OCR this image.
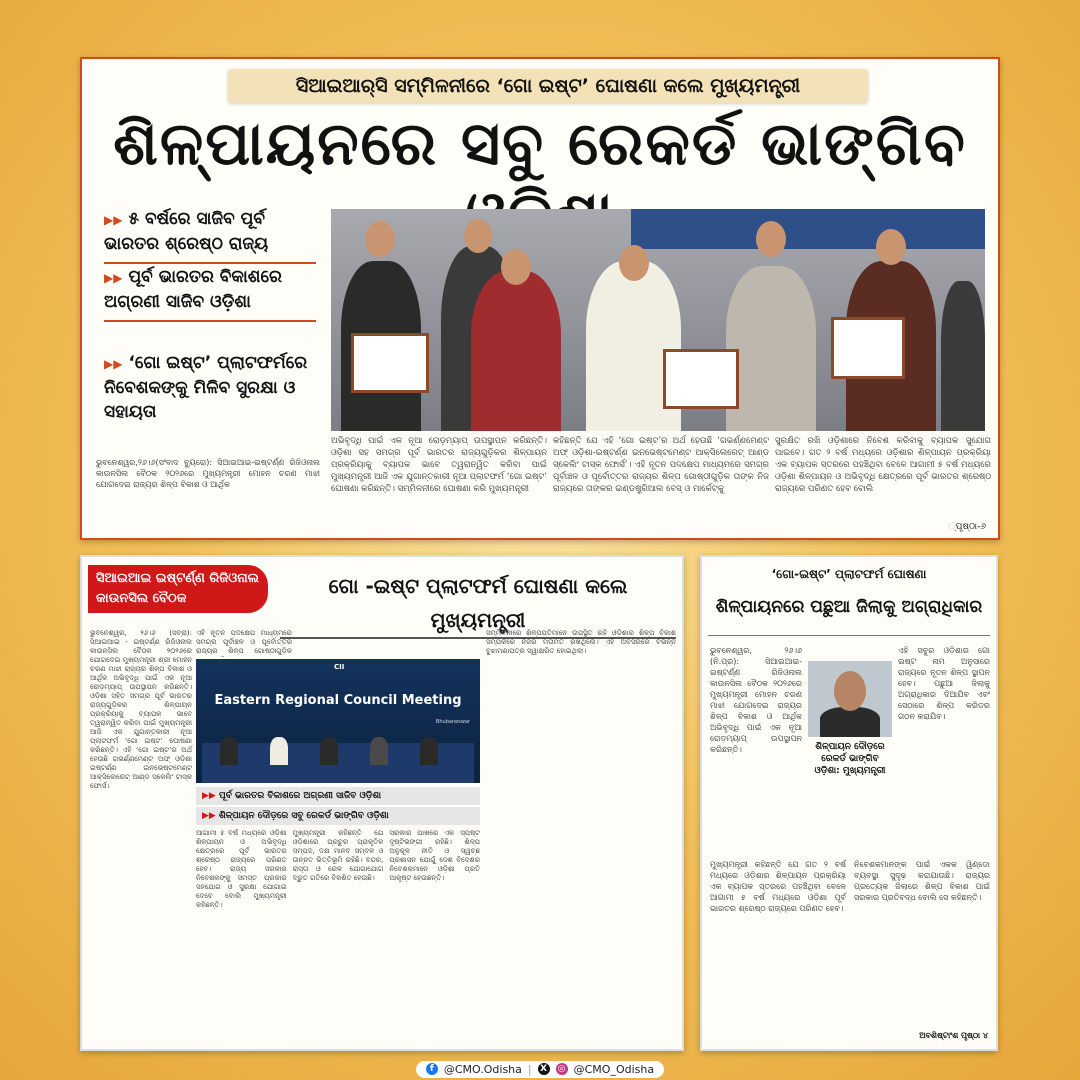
ସିଆଇଆର୍‌ସି ସମ୍ମିଳନୀରେ ‘ଗୋ ଇଷ୍ଟ’ ଘୋଷଣା କଲେ ମୁଖ୍ୟମନ୍ତ୍ରୀ
ଶିଳ୍ପାୟନରେ ସବୁ ରେକର୍ଡ ଭାଙ୍ଗିବ
▶▶ ୫ ବର୍ଷରେ ସାଜିବ ପୂର୍ବ ଭାରତର ଶ୍ରେଷ୍ଠ ରାଜ୍ୟ
▶▶ ପୂର୍ବ ଭାରତର ବିକାଶରେ ଅଗ୍ରଣୀ ସାଜିବ ଓଡ଼ିଶା
▶▶ ‘ଗୋ ଇଷ୍ଟ’ ପ୍ଲାଟଫର୍ମରେ ନିବେଶକଙ୍କୁ ମିଳିବ ସୁରକ୍ଷା ଓ ସହାୟତା
ଭୁବନେଶ୍ୱର,୨୬।୬(ସଂବାଦ ବ୍ୟୁରୋ): ସିଆଇଆଇ-ଇଷ୍ଟର୍ଣ୍ଣ ରିଜିଓନାଲ କାଉନସିଲ ବୈଠକ ୨୦୨୬ରେ ମୁଖ୍ୟମନ୍ତ୍ରୀ ମୋହନ ଚରଣ ମାଝୀ ଯୋଗଦେଇ ରାଜ୍ୟର ଶିଳ୍ପ ବିକାଶ ଓ ଆର୍ଥିକ
ଅଭିବୃଦ୍ଧି ପାଇଁ ଏକ ନୂଆ ରୋଡ଼ମ୍ୟାପ୍ ଉପସ୍ଥାପନ କରିଛନ୍ତି। ଓଡ଼ିଶା ସହ ସମଗ୍ର ପୂର୍ବ ଭାରତର ରାଜ୍ୟଗୁଡ଼ିକର ଶିଳ୍ପାୟନ ପ୍ରକ୍ରିୟାକୁ ବ୍ୟାପକ ଭାବେ ତ୍ୱରାନ୍ୱିତ କରିବା ପାଇଁ ମୁଖ୍ୟମନ୍ତ୍ରୀ ଆଜି ଏକ ଯୁଗାନ୍ତକାରୀ ନୂଆ ପ୍ଲାଟଫର୍ମ ‘ଗୋ ଇଷ୍ଟ’ ଘୋଷଣା କରିଛନ୍ତି। ସମ୍ମିଳନୀରେ ଘୋଷଣା କରି ମୁଖ୍ୟମନ୍ତ୍ରୀ
କହିଛନ୍ତି ଯେ ଏହି ‘ଗୋ ଇଷ୍ଟ’ର ଅର୍ଥ ହେଉଛି ‘ଗଭର୍ଣ୍ଣମେଣ୍ଟ ଅଫ୍ ଓଡ଼ିଶା-ଇଷ୍ଟର୍ଣ୍ଣ ଇନଭେଷ୍ଟମେଣ୍ଟ ଆକ୍ସିଲେରେଟ୍ ଆଣ୍ଡ ସ୍କେଲିଂ ଟାସ୍କ ଫୋର୍ସ’। ଏହି ନୂତନ ପଦକ୍ଷେପ ମାଧ୍ୟମରେ ସମଗ୍ର ପୂର୍ବାଞ୍ଚଳ ଓ ପୂର୍ବୋତ୍ତର ରାଜ୍ୟର ଶିଳ୍ପ ଗୋଷ୍ଠୀଗୁଡ଼ିକ ତାଙ୍କ ନିଜ ରାଜ୍ୟରେ ତାଙ୍କର ଇଣ୍ଡଷ୍ଟ୍ରିଆଲ ବେସ୍ ଓ ମାର୍କେଟ୍‌କୁ
ସୁରକ୍ଷିତ ରଖି ଓଡ଼ିଶାରେ ନିବେଶ କରିବାକୁ ବ୍ୟାପକ ସୁଯୋଗ ପାଇବେ। ଗତ ୨ ବର୍ଷ ମଧ୍ୟରେ ଓଡ଼ିଶାର ଶିଳ୍ପାୟନ ପ୍ରକ୍ରିୟା ଏକ ବ୍ୟାପକ ସ୍ତରରେ ପହଞ୍ଚିଥିବା ବେଳେ ଆଗାମୀ ୫ ବର୍ଷ ମଧ୍ୟରେ ଓଡ଼ିଶା ଶିଳ୍ପାୟନ ଓ ଅଭିବୃଦ୍ଧି କ୍ଷେତ୍ରରେ ପୂର୍ବ ଭାରତର ଶ୍ରେଷ୍ଠ ରାଜ୍ୟରେ ପରିଣତ ହେବ ବୋଲି
୍ପୃଷ୍ଠା-୬
ସିଆଇଆଇ ଇଷ୍ଟର୍ଣ୍ଣ ରିଜିଓନାଲ
କାଉନସିଲ ବୈଠକ
ଗୋ -ଇଷ୍ଟ ପ୍ଲାଟଫର୍ମ ଘୋଷଣା କଲେ ମୁଖ୍ୟମନ୍ତ୍ରୀ
ଭୁବନେଶ୍ୱର, ୨୬।୬ (ସବ୍ରା): ସିଆଇଆଇ - ଇଷ୍ଟର୍ଣ୍ଣ ରିଜିଓନାଲ କାଉନସିଲ ବୈଠକ ୨୦୨୬ରେ ଯୋଗଦେଇ ମୁଖ୍ୟମନ୍ତ୍ରୀ ଶ୍ରୀ ମୋହନ ଚରଣ ମାଝୀ ରାଜ୍ୟର ଶିଳ୍ପ ବିକାଶ ଓ ଆର୍ଥିକ ଅଭିବୃଦ୍ଧି ପାଇଁ ଏକ ନୂଆ ରୋଡ଼ମ୍ୟାପ୍ ଉପସ୍ଥାପନ କରିଛନ୍ତି। ଓଡ଼ିଶା ସହିତ ସମଗ୍ର ପୂର୍ବ ଭାରତର ରାଜ୍ୟଗୁଡ଼ିକର ଶିଳ୍ପାୟନ ପ୍ରକ୍ରିୟାକୁ ବ୍ୟାପକ ଭାବେ ତ୍ୱରାନ୍ୱିତ କରିବା ପାଇଁ ମୁଖ୍ୟମନ୍ତ୍ରୀ ଆଜି ଏକ ଯୁଗାନ୍ତକାରୀ ନୂଆ ପ୍ଲାଟଫର୍ମ ‘ଗୋ ଇଷ୍ଟ’ ଘୋଷଣା କରିଛନ୍ତି। ଏହି ‘ଗୋ ଇଷ୍ଟ’ର ଅର୍ଥ ହେଉଛି ଗଭର୍ଣ୍ଣମେଣ୍ଟ ଅଫ୍ ଓଡ଼ିଶା ଇଷ୍ଟର୍ଣ୍ଣ ଇନଭେଷ୍ଟମେଣ୍ଟ ଆକ୍ସିଲେରେଟ୍ ଆଣ୍ଡ ସ୍କେଲିଂ ଟାସ୍କ ଫୋର୍ସ।
ଏହି ନୂତନ ପଦକ୍ଷେପ ମାଧ୍ୟମରେ ସମଗ୍ର ପୂର୍ବାଞ୍ଚଳ ଓ ପୂର୍ବୋତ୍ତର ରାଜ୍ୟର ଶିଳ୍ପ ଗୋଷ୍ଠୀଗୁଡ଼ିକ
CII
Eastern Regional Council Meeting
Bhubaneswar
▶▶ ପୂର୍ବ ଭାରତର ବିକାଶରେ ଅଗ୍ରଣୀ ସାଜିବ ଓଡ଼ିଶା
▶▶ ଶିଳ୍ପାୟନ ଦୌଡ଼ରେ ସବୁ ରେକର୍ଡ ଭାଙ୍ଗିବ ଓଡ଼ିଶା
ଆଗାମୀ ୫ ବର୍ଷ ମଧ୍ୟରେ ଓଡ଼ିଶା ଶିଳ୍ପାୟନ ଓ ଅଭିବୃଦ୍ଧି କ୍ଷେତ୍ରରେ ପୂର୍ବ ଭାରତର ଶ୍ରେଷ୍ଠ ରାଜ୍ୟରେ ପରିଣତ ହେବ। ରାଜ୍ୟ ସରକାର ନିବେଶକଙ୍କୁ ସମସ୍ତ ପ୍ରକାର ସହଯୋଗ ଓ ସୁରକ୍ଷା ଯୋଗାଇ ଦେବେ ବୋଲି ମୁଖ୍ୟମନ୍ତ୍ରୀ କହିଛନ୍ତି।
ମୁଖ୍ୟମନ୍ତ୍ରୀ କହିଛନ୍ତି ଯେ ଓଡ଼ିଶାରେ ପ୍ରଚୁର ପ୍ରାକୃତିକ ସମ୍ପଦ, ଦକ୍ଷ ମାନବ ସମ୍ବଳ ଓ ଉନ୍ନତ ଭିତ୍ତିଭୂମି ରହିଛି। ବନ୍ଦର, ରାସ୍ତା ଓ ରେଳ ଯୋଗାଯୋଗ ଦ୍ରୁତ ଗତିରେ ବିକଶିତ ହେଉଛି।
ସରକାର ପାଖରେ ଏକ ସ୍ପଷ୍ଟ ଦୃଷ୍ଟିଭଙ୍ଗୀ ରହିଛି। ଶିଳ୍ପ ଅନୁକୂଳ ନୀତି ଓ ସ୍ୱଚ୍ଛ ପ୍ରଶାସନ ଯୋଗୁଁ ଦେଶ ବିଦେଶର ନିବେଶକମାନେ ଓଡ଼ିଶା ପ୍ରତି ଆକୃଷ୍ଟ ହେଉଛନ୍ତି।
ସମ୍ମିଳନୀରେ ଶିଳ୍ପପତିମାନେ ଉପସ୍ଥିତ ରହି ଓଡ଼ିଶାର ଶିଳ୍ପ ବିକାଶ ସମ୍ପର୍କରେ ନିଜର ମତାମତ ରଖିଥିଲେ। ଏହି ଅବସରରେ ବିଭିନ୍ନ ବୁଝାମଣାପତ୍ର ସ୍ୱାକ୍ଷରିତ ହୋଇଥିଲା।
‘ଗୋ-ଇଷ୍ଟ’ ପ୍ଲାଟଫର୍ମ ଘୋଷଣା
ଶିଳ୍ପାୟନରେ ପଛୁଆ ଜିଲାକୁ ଅଗ୍ରାଧିକାର
ଭୁବନେଶ୍ୱର, ୨୬।୬ (ନି.ପ୍ର): ସିଆଇଆଇ- ଇଷ୍ଟର୍ଣ୍ଣ ରିଜିଓନାଲ କାଉନସିଲ ବୈଠକ ୨୦୨୬ରେ ମୁଖ୍ୟମନ୍ତ୍ରୀ ମୋହନ ଚରଣ ମାଝୀ ଯୋଗଦେଇ ରାଜ୍ୟର ଶିଳ୍ପ ବିକାଶ ଓ ଆର୍ଥିକ ଅଭିବୃଦ୍ଧି ପାଇଁ ଏକ ନୂଆ ରୋଡ଼ମ୍ୟାପ୍ ଉପସ୍ଥାପନ କରିଛନ୍ତି।
ଏହି ସବୁର ଓଡ଼ିଶାର ଗୋ ଇଷ୍ଟ ନାମ ଅନୁସାରେ ରାଜ୍ୟରେ ନୂତନ ଶିଳ୍ପ ସ୍ଥାପନ ହେବ। ପଛୁଆ ଜିଲାକୁ ଅଗ୍ରାଧିକାର ଦିଆଯିବ ଏବଂ ସେଠାରେ ଶିଳ୍ପ କରିଡର ଗଠନ କରାଯିବ।
ଶିଳ୍ପାୟନ ଦୌଡ଼ରେ
ରେକର୍ଡ ଭାଙ୍ଗିବ
ଓଡ଼ିଶା: ମୁଖ୍ୟମନ୍ତ୍ରୀ
ମୁଖ୍ୟମନ୍ତ୍ରୀ କହିଛନ୍ତି ଯେ ଗତ ୨ ବର୍ଷ ମଧ୍ୟରେ ଓଡ଼ିଶାର ଶିଳ୍ପାୟନ ପ୍ରକ୍ରିୟା ଏକ ବ୍ୟାପକ ସ୍ତରରେ ପହଞ୍ଚିଥିବା ବେଳେ ଆଗାମୀ ୫ ବର୍ଷ ମଧ୍ୟରେ ଓଡ଼ିଶା ପୂର୍ବ ଭାରତର ଶ୍ରେଷ୍ଠ ରାଜ୍ୟରେ ପରିଣତ ହେବ।
ନିବେଶକମାନଙ୍କ ପାଇଁ ଏକକ ୱିଣ୍ଡୋ ବ୍ୟବସ୍ଥା ସୁଦୃଢ଼ କରାଯାଉଛି। ରାଜ୍ୟର ପ୍ରତ୍ୟେକ ଜିଲାରେ ଶିଳ୍ପ ବିକାଶ ପାଇଁ ସରକାର ପ୍ରତିବଦ୍ଧ ବୋଲି ସେ କହିଛନ୍ତି।
ଅବଶିଷ୍ଟାଂଶ ପୃଷ୍ଠା ୪
f @CMO.Odisha | X ◎ @CMO_Odisha
